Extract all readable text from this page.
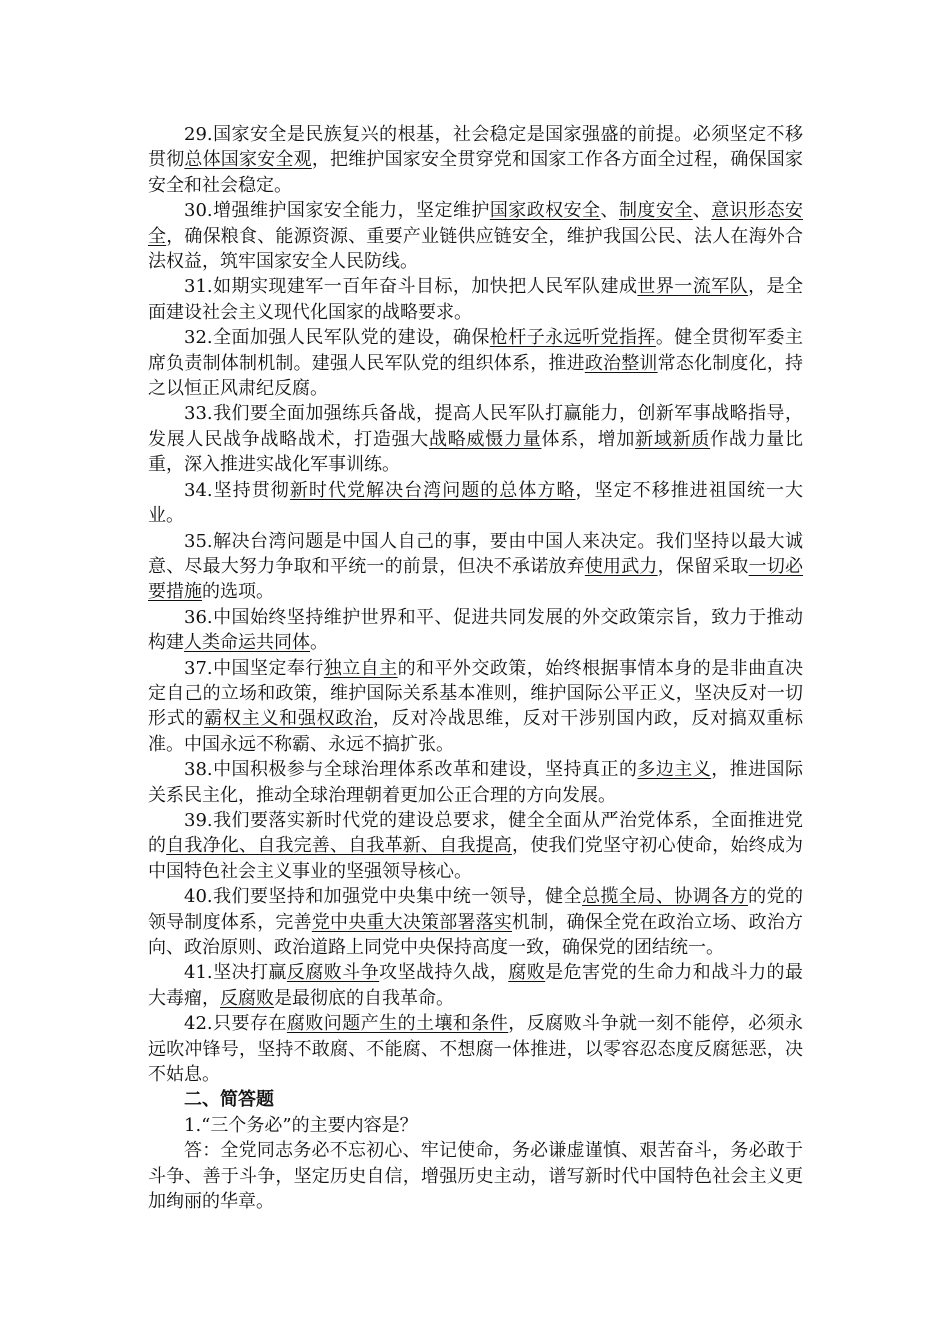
29.国家安全是民族复兴的根基，社会稳定是国家强盛的前提。必须坚定不移贯彻总体国家安全观，把维护国家安全贯穿党和国家工作各方面全过程，确保国家安全和社会稳定。

30.增强维护国家安全能力，坚定维护国家政权安全、制度安全、意识形态安全，确保粮食、能源资源、重要产业链供应链安全，维护我国公民、法人在海外合法权益，筑牢国家安全人民防线。

31.如期实现建军一百年奋斗目标，加快把人民军队建成世界一流军队，是全面建设社会主义现代化国家的战略要求。

32.全面加强人民军队党的建设，确保枪杆子永远听党指挥。健全贯彻军委主席负责制体制机制。建强人民军队党的组织体系，推进政治整训常态化制度化，持之以恒正风肃纪反腐。

33.我们要全面加强练兵备战，提高人民军队打赢能力，创新军事战略指导，发展人民战争战略战术，打造强大战略威慑力量体系，增加新域新质作战力量比重，深入推进实战化军事训练。

34.坚持贯彻新时代党解决台湾问题的总体方略，坚定不移推进祖国统一大业。

35.解决台湾问题是中国人自己的事，要由中国人来决定。我们坚持以最大诚意、尽最大努力争取和平统一的前景，但决不承诺放弃使用武力，保留采取一切必要措施的选项。

36.中国始终坚持维护世界和平、促进共同发展的外交政策宗旨，致力于推动构建人类命运共同体。

37.中国坚定奉行独立自主的和平外交政策，始终根据事情本身的是非曲直决定自己的立场和政策，维护国际关系基本准则，维护国际公平正义，坚决反对一切形式的霸权主义和强权政治，反对冷战思维，反对干涉别国内政，反对搞双重标准。中国永远不称霸、永远不搞扩张。

38.中国积极参与全球治理体系改革和建设，坚持真正的多边主义，推进国际关系民主化，推动全球治理朝着更加公正合理的方向发展。

39.我们要落实新时代党的建设总要求，健全全面从严治党体系，全面推进党的自我净化、自我完善、自我革新、自我提高，使我们党坚守初心使命，始终成为中国特色社会主义事业的坚强领导核心。

40.我们要坚持和加强党中央集中统一领导，健全总揽全局、协调各方的党的领导制度体系，完善党中央重大决策部署落实机制，确保全党在政治立场、政治方向、政治原则、政治道路上同党中央保持高度一致，确保党的团结统一。

41.坚决打赢反腐败斗争攻坚战持久战，腐败是危害党的生命力和战斗力的最大毒瘤，反腐败是最彻底的自我革命。

42.只要存在腐败问题产生的土壤和条件，反腐败斗争就一刻不能停，必须永远吹冲锋号，坚持不敢腐、不能腐、不想腐一体推进，以零容忍态度反腐惩恶，决不姑息。

二、简答题

1.“三个务必”的主要内容是？

答：全党同志务必不忘初心、牢记使命，务必谦虚谨慎、艰苦奋斗，务必敢于斗争、善于斗争，坚定历史自信，增强历史主动，谱写新时代中国特色社会主义更加绚丽的华章。
